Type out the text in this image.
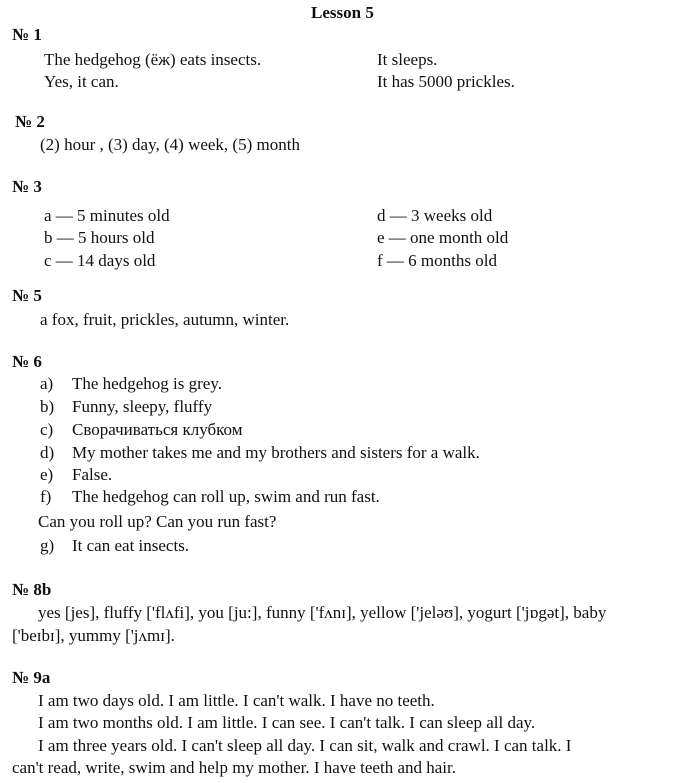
Lesson 5
№ 1
The hedgehog (ёж) eats insects.
Yes, it can.
It sleeps.
It has 5000 prickles.
№ 2
(2) hour , (3) day, (4) week, (5) month
№ 3
a — 5 minutes old
b — 5 hours old
c — 14 days old
d — 3 weeks old
e — one month old
f — 6 months old
№ 5
a fox, fruit, prickles, autumn, winter.
№ 6
a) The hedgehog is grey.
b) Funny, sleepy, fluffy
c) Сворачиваться клубком
d) My mother takes me and my brothers and sisters for a walk.
e) False.
f) The hedgehog can roll up, swim and run fast.
Can you roll up? Can you run fast?
g) It can eat insects.
№ 8b
yes [jes], fluffy ['flʌfi], you [ju:], funny ['fʌnɪ], yellow ['jeləʊ], yogurt ['jɒgət], baby
['beɪbɪ], yummy ['jʌmɪ].
№ 9a
I am two days old. I am little. I can't walk. I have no teeth.
I am two months old. I am little. I can see. I can't talk. I can sleep all day.
I am three years old. I can't sleep all day. I can sit, walk and crawl. I can talk. I
can't read, write, swim and help my mother. I have teeth and hair.
